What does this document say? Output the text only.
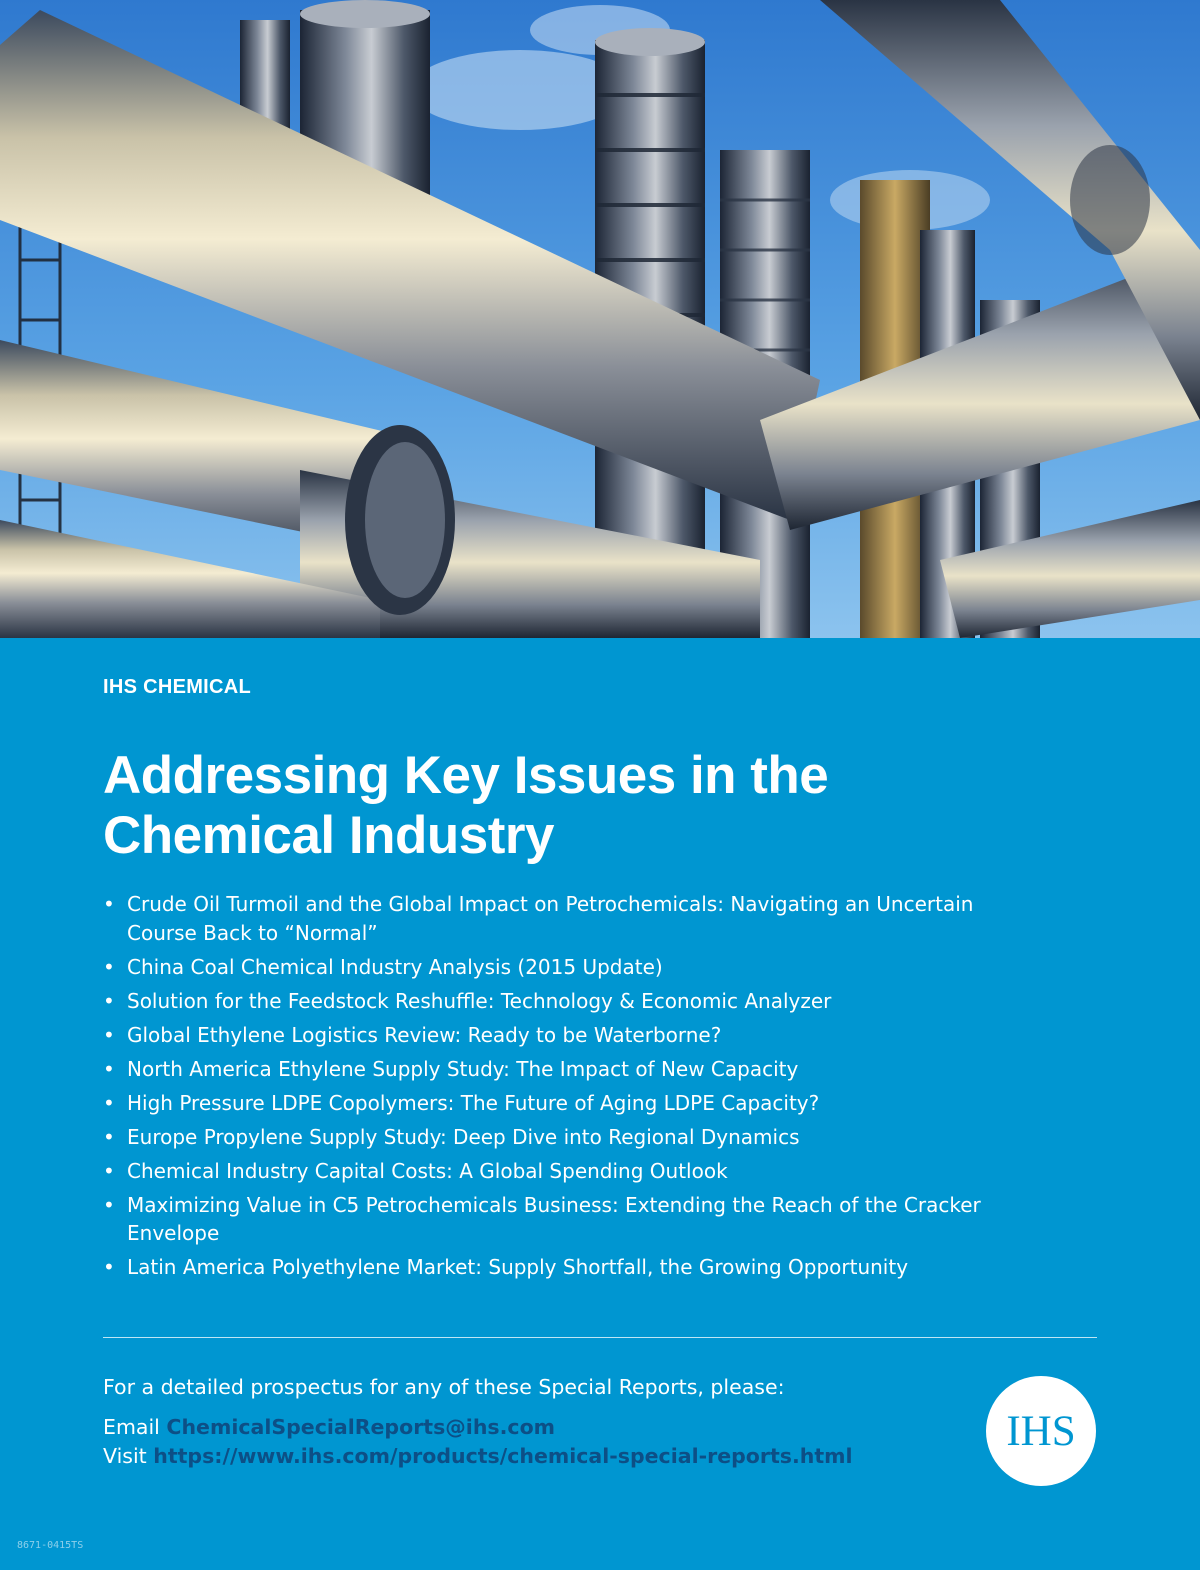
IHS CHEMICAL
Addressing Key Issues in the
Chemical Industry
• Crude Oil Turmoil and the Global Impact on Petrochemicals: Navigating an Uncertain Course Back to “Normal”
• China Coal Chemical Industry Analysis (2015 Update)
• Solution for the Feedstock Reshuffle: Technology & Economic Analyzer
• Global Ethylene Logistics Review: Ready to be Waterborne?
• North America Ethylene Supply Study: The Impact of New Capacity
• High Pressure LDPE Copolymers: The Future of Aging LDPE Capacity?
• Europe Propylene Supply Study: Deep Dive into Regional Dynamics
• Chemical Industry Capital Costs: A Global Spending Outlook
• Maximizing Value in C5 Petrochemicals Business: Extending the Reach of the Cracker Envelope
• Latin America Polyethylene Market: Supply Shortfall, the Growing Opportunity
For a detailed prospectus for any of these Special Reports, please:
Email ChemicalSpecialReports@ihs.com
Visit https://www.ihs.com/products/chemical-special-reports.html
IHS
8671-0415TS
